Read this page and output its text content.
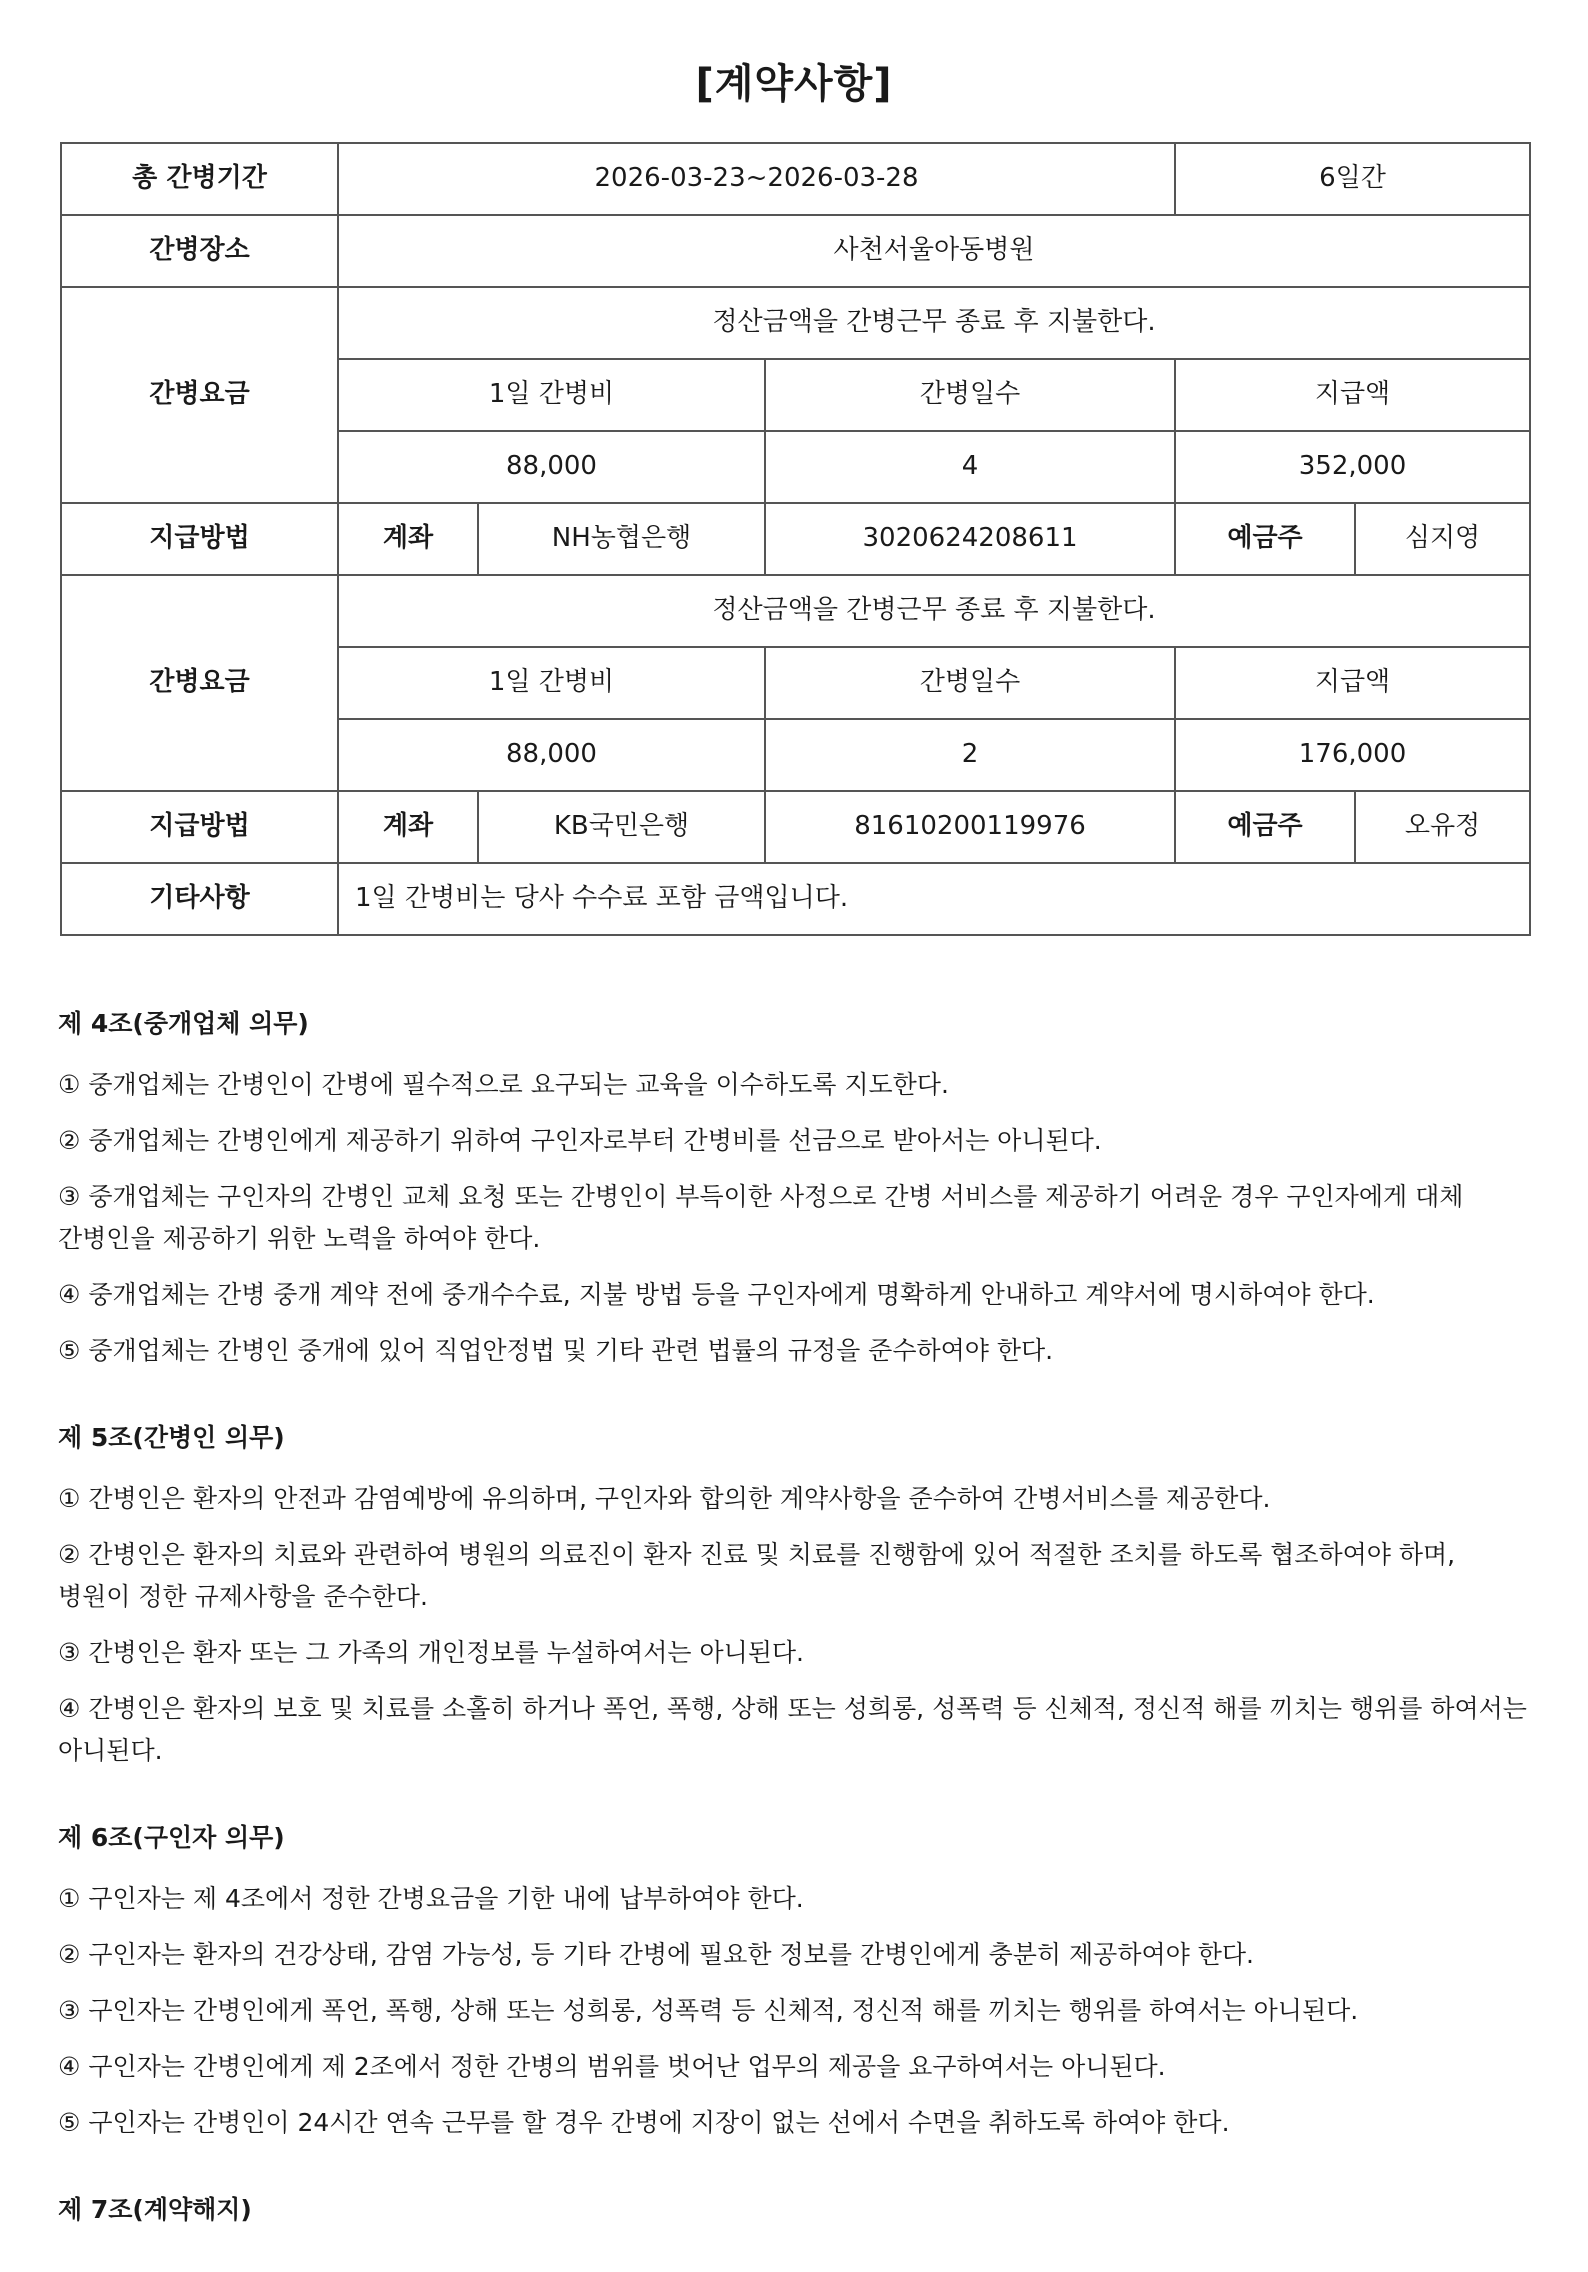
[계약사항]
총 간병기간	2026-03-23~2026-03-28			6일간	
간병장소	사천서울아동병원				
간병요금	정산금액을 간병근무 종료 후 지불한다.				
	1일 간병비		간병일수	지급액	
	88,000		4	352,000	
지급방법	계좌	NH농협은행	3020624208611	예금주	심지영
간병요금	정산금액을 간병근무 종료 후 지불한다.				
	1일 간병비		간병일수	지급액	
	88,000		2	176,000	
지급방법	계좌	KB국민은행	81610200119976	예금주	오유정
기타사항	1일 간병비는 당사 수수료 포함 금액입니다.				
제 4조(중개업체 의무)
① 중개업체는 간병인이 간병에 필수적으로 요구되는 교육을 이수하도록 지도한다.
② 중개업체는 간병인에게 제공하기 위하여 구인자로부터 간병비를 선금으로 받아서는 아니된다.
③ 중개업체는 구인자의 간병인 교체 요청 또는 간병인이 부득이한 사정으로 간병 서비스를 제공하기 어려운 경우 구인자에게 대체 간병인을 제공하기 위한 노력을 하여야 한다.
④ 중개업체는 간병 중개 계약 전에 중개수수료, 지불 방법 등을 구인자에게 명확하게 안내하고 계약서에 명시하여야 한다.
⑤ 중개업체는 간병인 중개에 있어 직업안정법 및 기타 관련 법률의 규정을 준수하여야 한다.
제 5조(간병인 의무)
① 간병인은 환자의 안전과 감염예방에 유의하며, 구인자와 합의한 계약사항을 준수하여 간병서비스를 제공한다.
② 간병인은 환자의 치료와 관련하여 병원의 의료진이 환자 진료 및 치료를 진행함에 있어 적절한 조치를 하도록 협조하여야 하며, 병원이 정한 규제사항을 준수한다.
③ 간병인은 환자 또는 그 가족의 개인정보를 누설하여서는 아니된다.
④ 간병인은 환자의 보호 및 치료를 소홀히 하거나 폭언, 폭행, 상해 또는 성희롱, 성폭력 등 신체적, 정신적 해를 끼치는 행위를 하여서는 아니된다.
제 6조(구인자 의무)
① 구인자는 제 4조에서 정한 간병요금을 기한 내에 납부하여야 한다.
② 구인자는 환자의 건강상태, 감염 가능성, 등 기타 간병에 필요한 정보를 간병인에게 충분히 제공하여야 한다.
③ 구인자는 간병인에게 폭언, 폭행, 상해 또는 성희롱, 성폭력 등 신체적, 정신적 해를 끼치는 행위를 하여서는 아니된다.
④ 구인자는 간병인에게 제 2조에서 정한 간병의 범위를 벗어난 업무의 제공을 요구하여서는 아니된다.
⑤ 구인자는 간병인이 24시간 연속 근무를 할 경우 간병에 지장이 없는 선에서 수면을 취하도록 하여야 한다.
제 7조(계약해지)
